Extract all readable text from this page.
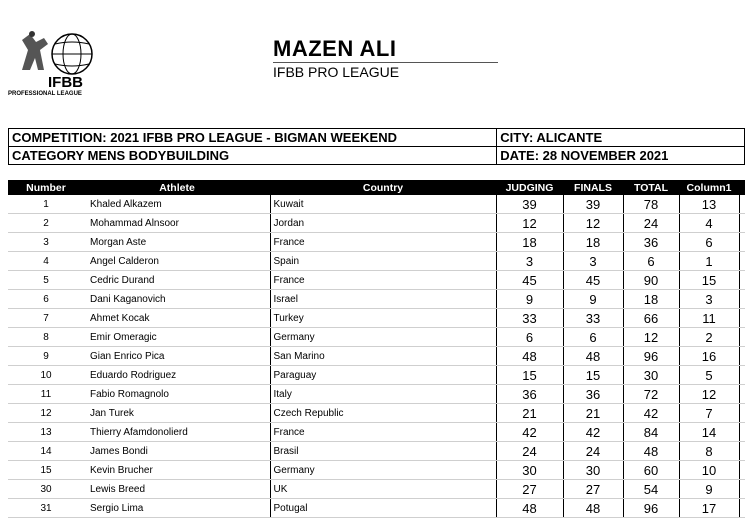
IFBB
PROFESSIONAL LEAGUE
MAZEN ALI
IFBB PRO LEAGUE
COMPETITION: 2021 IFBB PRO LEAGUE - BIGMAN WEEKEND	CITY: ALICANTE
CATEGORY MENS BODYBUILDING	DATE: 28 NOVEMBER 2021
Number	Athlete	Country	JUDGING	FINALS	TOTAL	Column1	
1	Khaled Alkazem	Kuwait	39	39	78	13	
2	Mohammad Alnsoor	Jordan	12	12	24	4	
3	Morgan Aste	France	18	18	36	6	
4	Angel Calderon	Spain	3	3	6	1	
5	Cedric Durand	France	45	45	90	15	
6	Dani Kaganovich	Israel	9	9	18	3	
7	Ahmet Kocak	Turkey	33	33	66	11	
8	Emir Omeragic	Germany	6	6	12	2	
9	Gian Enrico Pica	San Marino	48	48	96	16	
10	Eduardo Rodriguez	Paraguay	15	15	30	5	
11	Fabio Romagnolo	Italy	36	36	72	12	
12	Jan Turek	Czech Republic	21	21	42	7	
13	Thierry Afamdonolierd	France	42	42	84	14	
14	James Bondi	Brasil	24	24	48	8	
15	Kevin Brucher	Germany	30	30	60	10	
30	Lewis Breed	UK	27	27	54	9	
31	Sergio Lima	Potugal	48	48	96	17	
